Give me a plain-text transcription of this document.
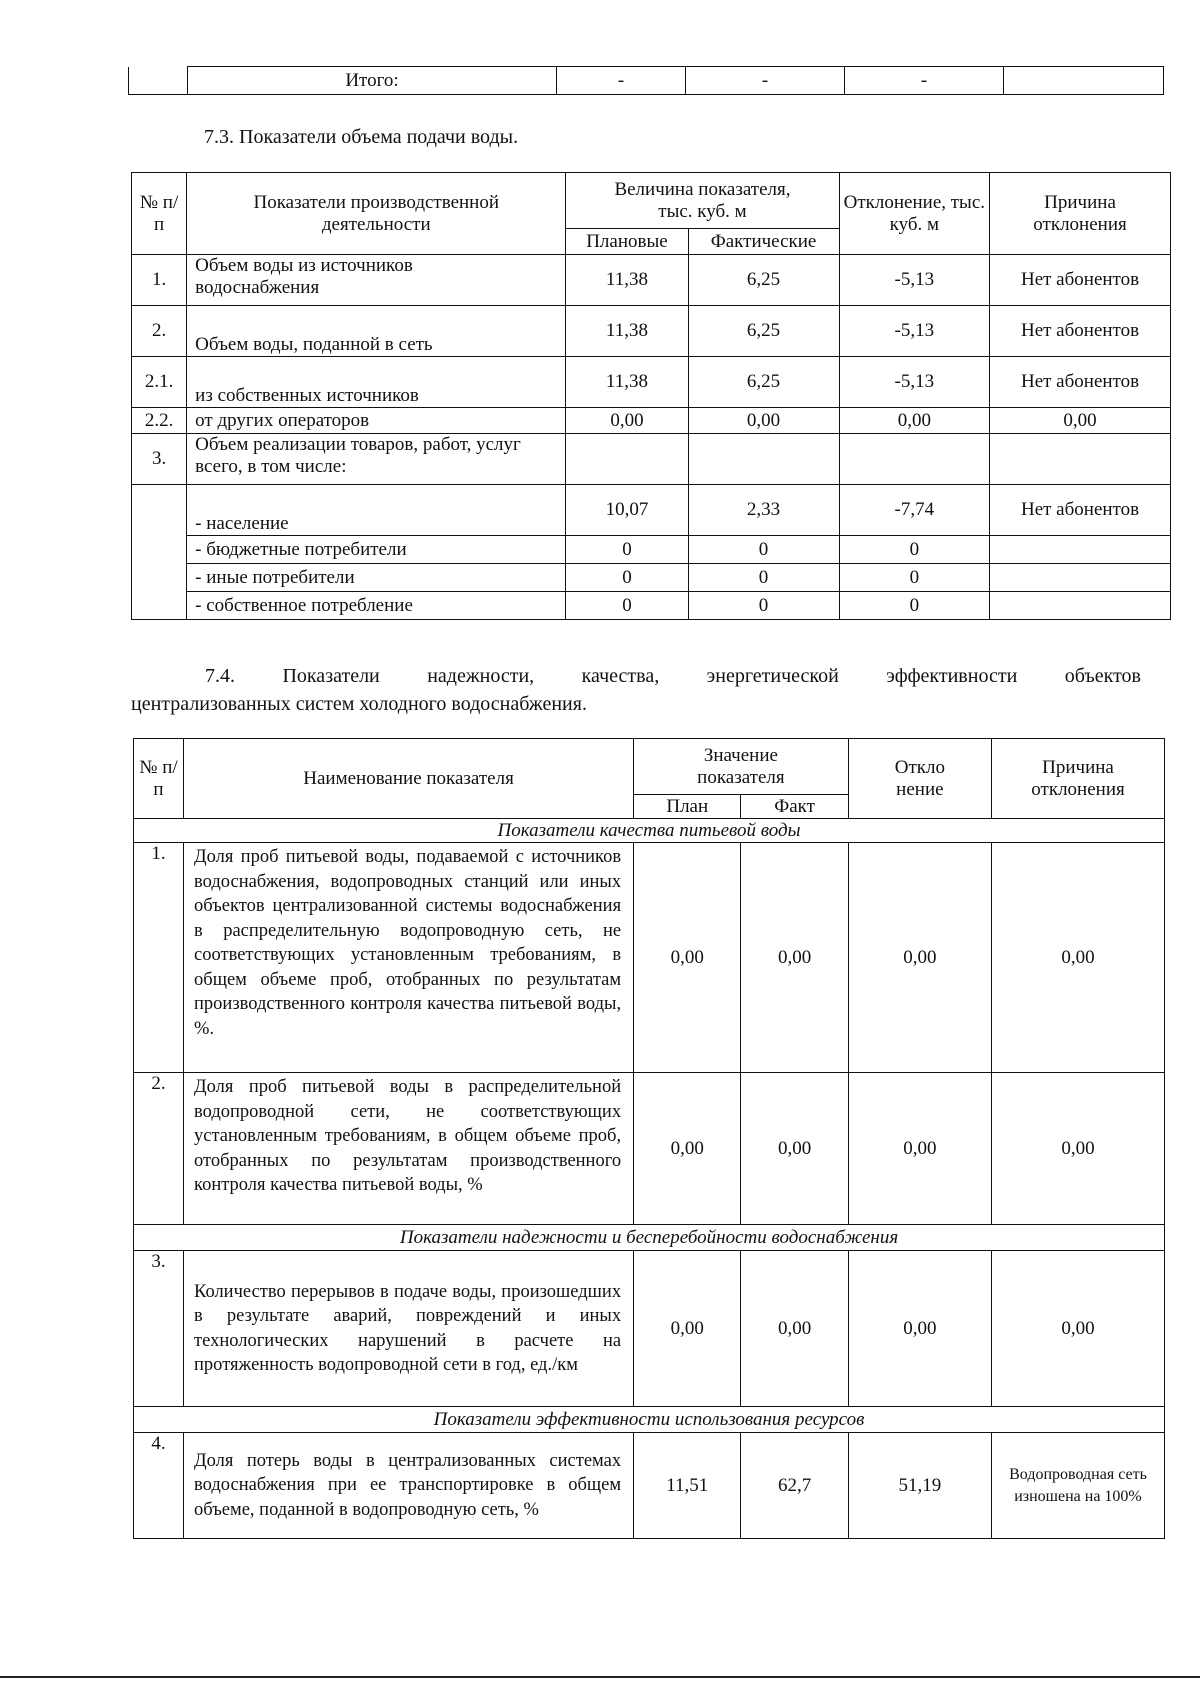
	Итого:	-	-	-	
7.3. Показатели объема подачи воды.
№ п/п	Показатели производственной деятельности	Величина показателя, тыс. куб. м		Отклонение, тыс. куб. м	Причина отклонения
		Плановые	Фактические		
1.	Объем воды из источников водоснабжения	11,38	6,25	-5,13	Нет абонентов
2.	Объем воды, поданной в сеть	11,38	6,25	-5,13	Нет абонентов
2.1.	из собственных источников	11,38	6,25	-5,13	Нет абонентов
2.2.	от других операторов	0,00	0,00	0,00	0,00
3.	Объем реализации товаров, работ, услуг всего, в том числе:				
	- население	10,07	2,33	-7,74	Нет абонентов
	- бюджетные потребители	0	0	0	
	- иные потребители	0	0	0	
	- собственное потребление	0	0	0	
7.4. Показатели надежности, качества, энергетической эффективности объектов
централизованных систем холодного водоснабжения.
№ п/п	Наименование показателя	Значение показателя		Откло нение	Причина отклонения
		План	Факт		
Показатели качества питьевой воды					
1.	Доля проб питьевой воды, подаваемой с источников водоснабжения, водопроводных станций или иных объектов централизованной системы водоснабжения в распределительную водопроводную сеть, не соответствующих установленным требованиям, в общем объеме проб, отобранных по результатам производственного контроля качества питьевой воды, %.	0,00	0,00	0,00	0,00
2.	Доля проб питьевой воды в распределительной водопроводной сети, не соответствующих установленным требованиям, в общем объеме проб, отобранных по результатам производственного контроля качества питьевой воды, %	0,00	0,00	0,00	0,00
Показатели надежности и бесперебойности водоснабжения					
3.	Количество перерывов в подаче воды, произошедших в результате аварий, повреждений и иных технологических нарушений в расчете на протяженность водопроводной сети в год, ед./км	0,00	0,00	0,00	0,00
Показатели эффективности использования ресурсов					
4.	Доля потерь воды в централизованных системах водоснабжения при ее транспортировке в общем объеме, поданной в водопроводную сеть, %	11,51	62,7	51,19	Водопроводная сеть изношена на 100%
